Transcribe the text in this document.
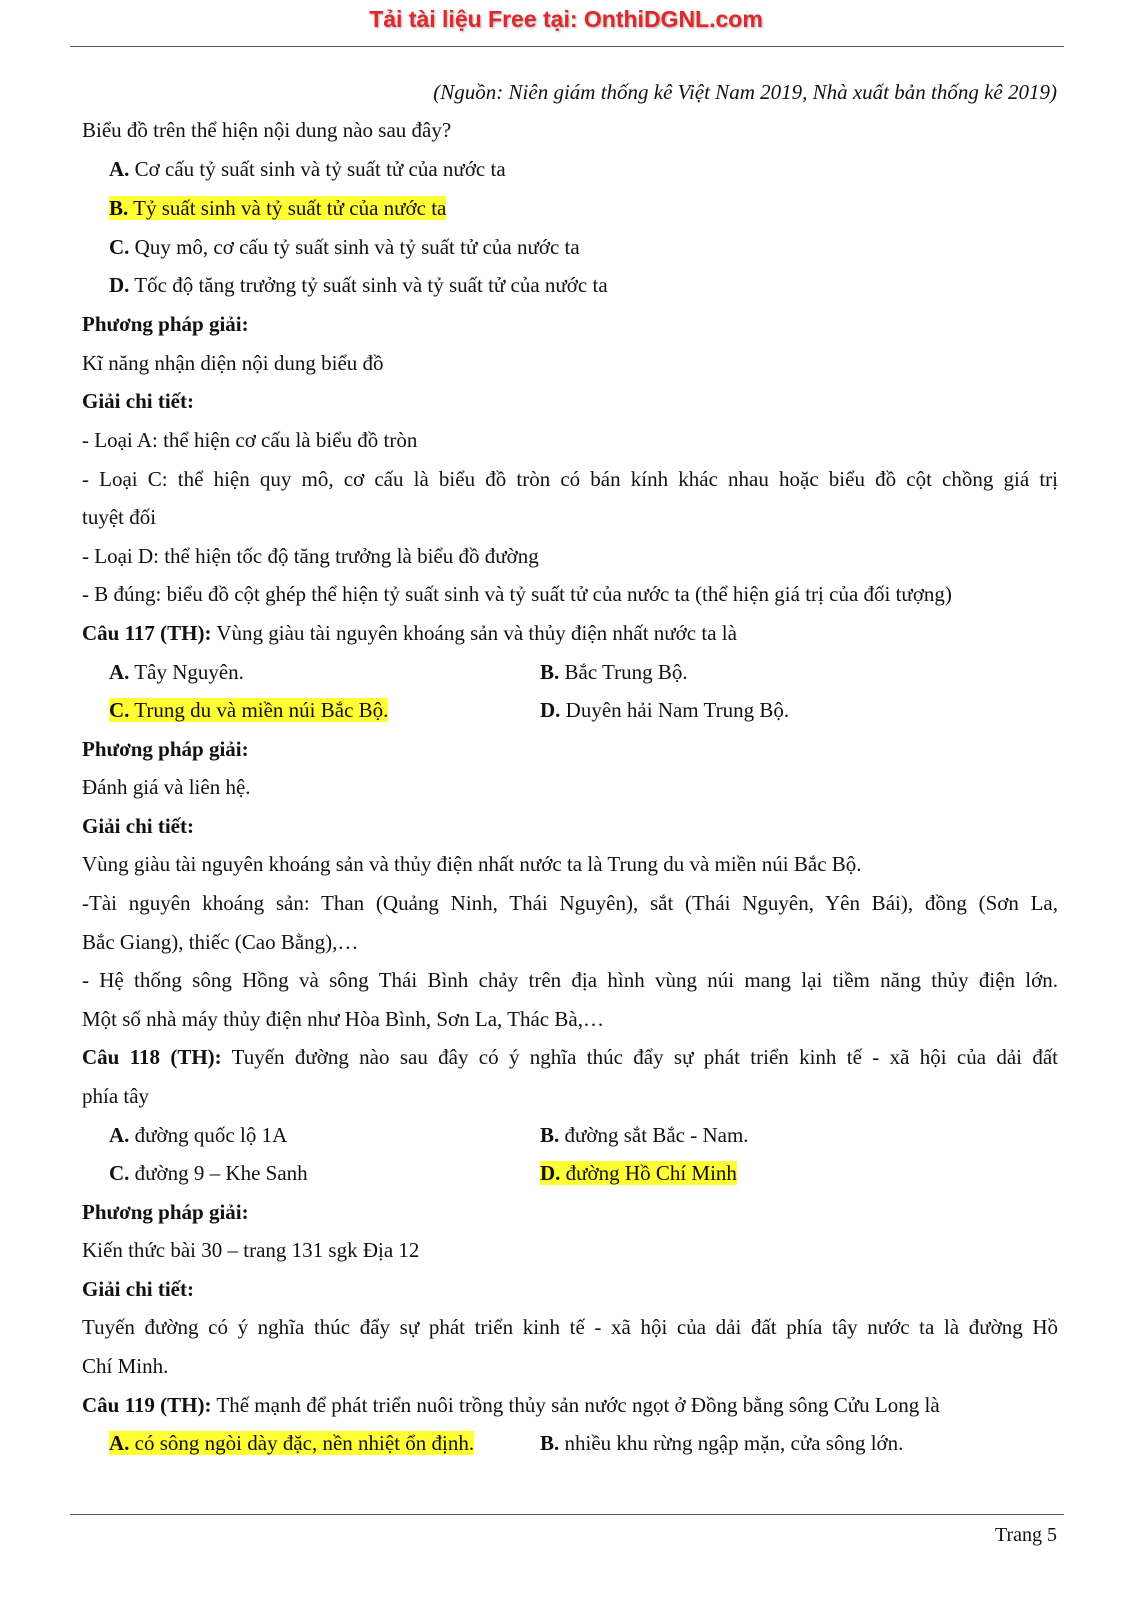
Tải tài liệu Free tại: OnthiDGNL.com
(Nguồn: Niên giám thống kê Việt Nam 2019, Nhà xuất bản thống kê 2019)
Biểu đồ trên thể hiện nội dung nào sau đây?
A. Cơ cấu tỷ suất sinh và tỷ suất tử của nước ta
B. Tỷ suất sinh và tỷ suất tử của nước ta
C. Quy mô, cơ cấu tỷ suất sinh và tỷ suất tử của nước ta
D. Tốc độ tăng trưởng tỷ suất sinh và tỷ suất tử của nước ta
Phương pháp giải:
Kĩ năng nhận diện nội dung biểu đồ
Giải chi tiết:
- Loại A: thể hiện cơ cấu là biểu đồ tròn
- Loại C: thể hiện quy mô, cơ cấu là biểu đồ tròn có bán kính khác nhau hoặc biểu đồ cột chồng giá trị
tuyệt đối
- Loại D: thể hiện tốc độ tăng trưởng là biểu đồ đường
- B đúng: biểu đồ cột ghép thể hiện tỷ suất sinh và tỷ suất tử của nước ta (thể hiện giá trị của đối tượng)
Câu 117 (TH): Vùng giàu tài nguyên khoáng sản và thủy điện nhất nước ta là
A. Tây Nguyên.	B. Bắc Trung Bộ.
C. Trung du và miền núi Bắc Bộ.	D. Duyên hải Nam Trung Bộ.
Phương pháp giải:
Đánh giá và liên hệ.
Giải chi tiết:
Vùng giàu tài nguyên khoáng sản và thủy điện nhất nước ta là Trung du và miền núi Bắc Bộ.
-Tài nguyên khoáng sản: Than (Quảng Ninh, Thái Nguyên), sắt (Thái Nguyên, Yên Bái), đồng (Sơn La,
Bắc Giang), thiếc (Cao Bằng),…
- Hệ thống sông Hồng và sông Thái Bình chảy trên địa hình vùng núi mang lại tiềm năng thủy điện lớn.
Một số nhà máy thủy điện như Hòa Bình, Sơn La, Thác Bà,…
Câu 118 (TH): Tuyến đường nào sau đây có ý nghĩa thúc đẩy sự phát triển kinh tế - xã hội của dải đất
phía tây
A. đường quốc lộ 1A	B. đường sắt Bắc - Nam.
C. đường 9 – Khe Sanh	D. đường Hồ Chí Minh
Phương pháp giải:
Kiến thức bài 30 – trang 131 sgk Địa 12
Giải chi tiết:
Tuyến đường có ý nghĩa thúc đẩy sự phát triển kinh tế - xã hội của dải đất phía tây nước ta là đường Hồ
Chí Minh.
Câu 119 (TH): Thế mạnh để phát triển nuôi trồng thủy sản nước ngọt ở Đồng bằng sông Cửu Long là
A. có sông ngòi dày đặc, nền nhiệt ổn định.	B. nhiều khu rừng ngập mặn, cửa sông lớn.
Trang 5
